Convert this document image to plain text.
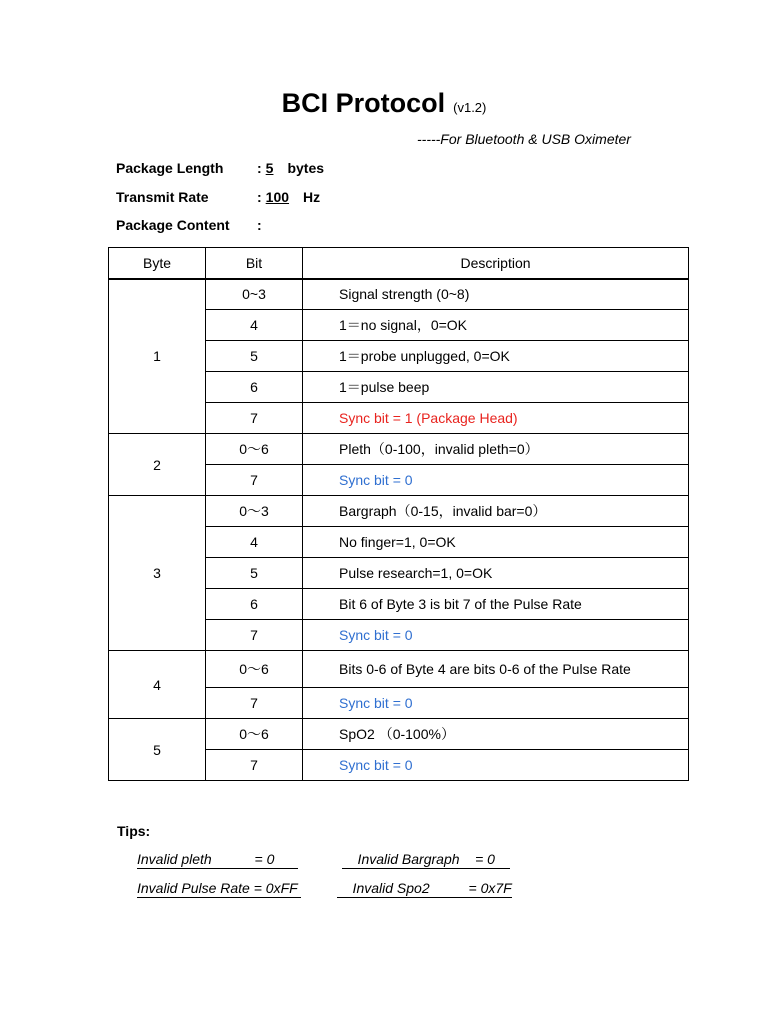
BCI Protocol (v1.2)
-----For Bluetooth & USB Oximeter
Package Length : 5 bytes
Transmit Rate	: 100 Hz
Package Content :
Byte	Bit	Description
1	0~3	Signal strength (0~8)
	4	1＝no signal，0=OK
	5	1＝probe unplugged, 0=OK
	6	1＝pulse beep
	7	Sync bit = 1 (Package Head)
2	0～6	Pleth（0-100，invalid pleth=0）
	7	Sync bit = 0
3	0～3	Bargraph（0-15，invalid bar=0）
	4	No finger=1, 0=OK
	5	Pulse research=1, 0=OK
	6	Bit 6 of Byte 3 is bit 7 of the Pulse Rate
	7	Sync bit = 0
4	0～6	Bits 0-6 of Byte 4 are bits 0-6 of the Pulse Rate
	7	Sync bit = 0
5	0～6	SpO2 （0-100%）
	7	Sync bit = 0
Tips:
Invalid pleth           = 0	Invalid Bargraph    = 0
Invalid Pulse Rate = 0xFF	Invalid Spo2          = 0x7F
